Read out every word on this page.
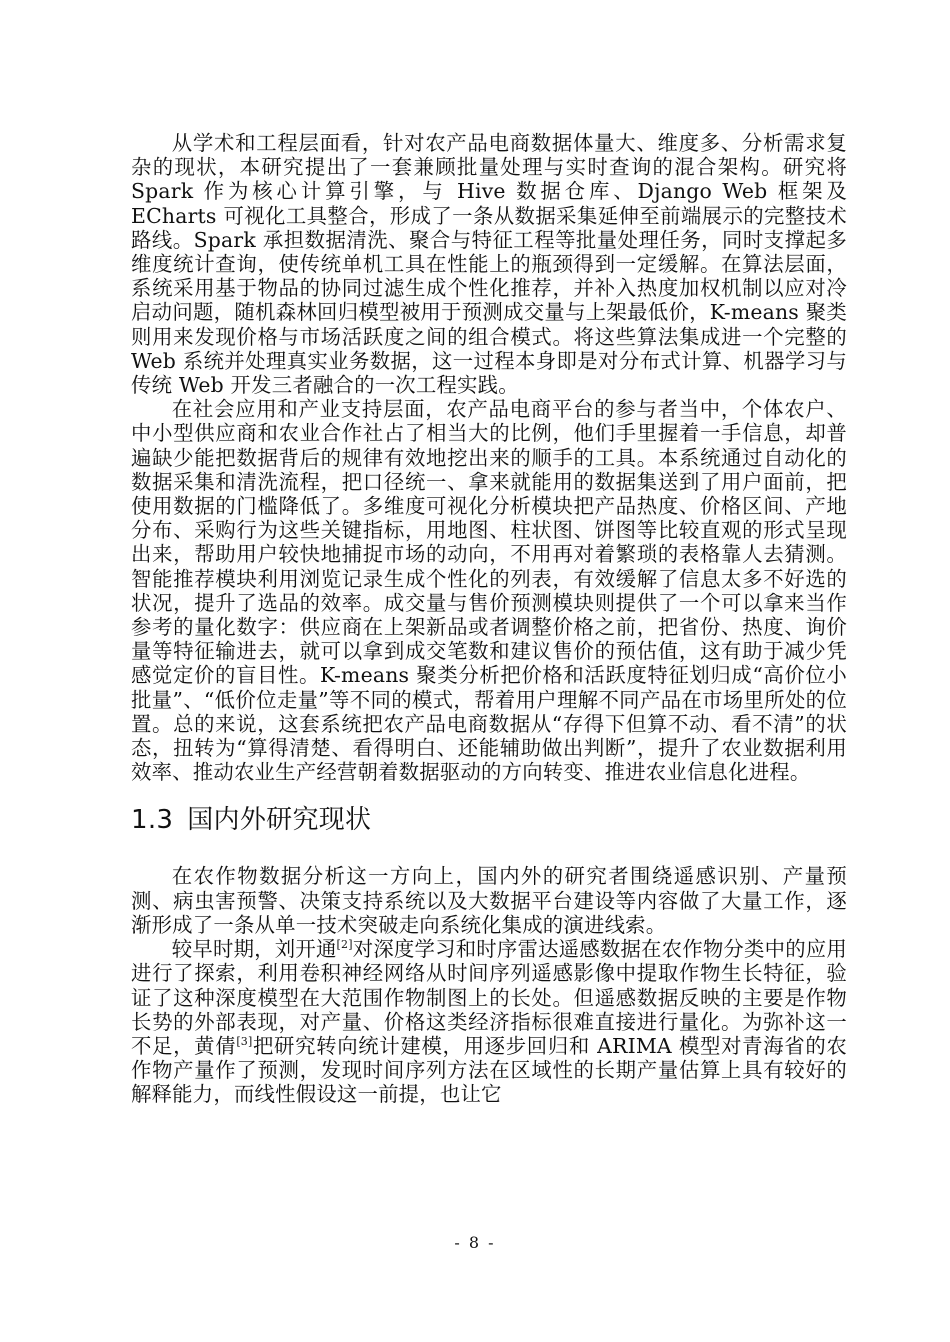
从学术和工程层面看，针对农产品电商数据体量大、维度多、分析需求复杂的现状，本研究提出了一套兼顾批量处理与实时查询的混合架构。研究将 Spark 作为核心计算引擎，与 Hive 数据仓库、Django Web 框架及 ECharts 可视化工具整合，形成了一条从数据采集延伸至前端展示的完整技术路线。Spark 承担数据清洗、聚合与特征工程等批量处理任务，同时支撑起多维度统计查询，使传统单机工具在性能上的瓶颈得到一定缓解。在算法层面，系统采用基于物品的协同过滤生成个性化推荐，并补入热度加权机制以应对冷启动问题，随机森林回归模型被用于预测成交量与上架最低价，K-means 聚类则用来发现价格与市场活跃度之间的组合模式。将这些算法集成进一个完整的 Web 系统并处理真实业务数据，这一过程本身即是对分布式计算、机器学习与传统 Web 开发三者融合的一次工程实践。

在社会应用和产业支持层面，农产品电商平台的参与者当中，个体农户、中小型供应商和农业合作社占了相当大的比例，他们手里握着一手信息，却普遍缺少能把数据背后的规律有效地挖出来的顺手的工具。本系统通过自动化的数据采集和清洗流程，把口径统一、拿来就能用的数据集送到了用户面前，把使用数据的门槛降低了。多维度可视化分析模块把产品热度、价格区间、产地分布、采购行为这些关键指标，用地图、柱状图、饼图等比较直观的形式呈现出来，帮助用户较快地捕捉市场的动向，不用再对着繁琐的表格靠人去猜测。智能推荐模块利用浏览记录生成个性化的列表，有效缓解了信息太多不好选的状况，提升了选品的效率。成交量与售价预测模块则提供了一个可以拿来当作参考的量化数字：供应商在上架新品或者调整价格之前，把省份、热度、询价量等特征输进去，就可以拿到成交笔数和建议售价的预估值，这有助于减少凭感觉定价的盲目性。K-means 聚类分析把价格和活跃度特征划归成“高价位小批量”、“低价位走量”等不同的模式，帮着用户理解不同产品在市场里所处的位置。总的来说，这套系统把农产品电商数据从“存得下但算不动、看不清”的状态，扭转为“算得清楚、看得明白、还能辅助做出判断”，提升了农业数据利用效率、推动农业生产经营朝着数据驱动的方向转变、推进农业信息化进程。

1.3 国内外研究现状

在农作物数据分析这一方向上，国内外的研究者围绕遥感识别、产量预测、病虫害预警、决策支持系统以及大数据平台建设等内容做了大量工作，逐渐形成了一条从单一技术突破走向系统化集成的演进线索。

较早时期，刘开通[2]对深度学习和时序雷达遥感数据在农作物分类中的应用进行了探索，利用卷积神经网络从时间序列遥感影像中提取作物生长特征，验证了这种深度模型在大范围作物制图上的长处。但遥感数据反映的主要是作物长势的外部表现，对产量、价格这类经济指标很难直接进行量化。为弥补这一不足，黄倩[3]把研究转向统计建模，用逐步回归和 ARIMA 模型对青海省的农作物产量作了预测，发现时间序列方法在区域性的长期产量估算上具有较好的解释能力，而线性假设这一前提，也让它

- 8 -
